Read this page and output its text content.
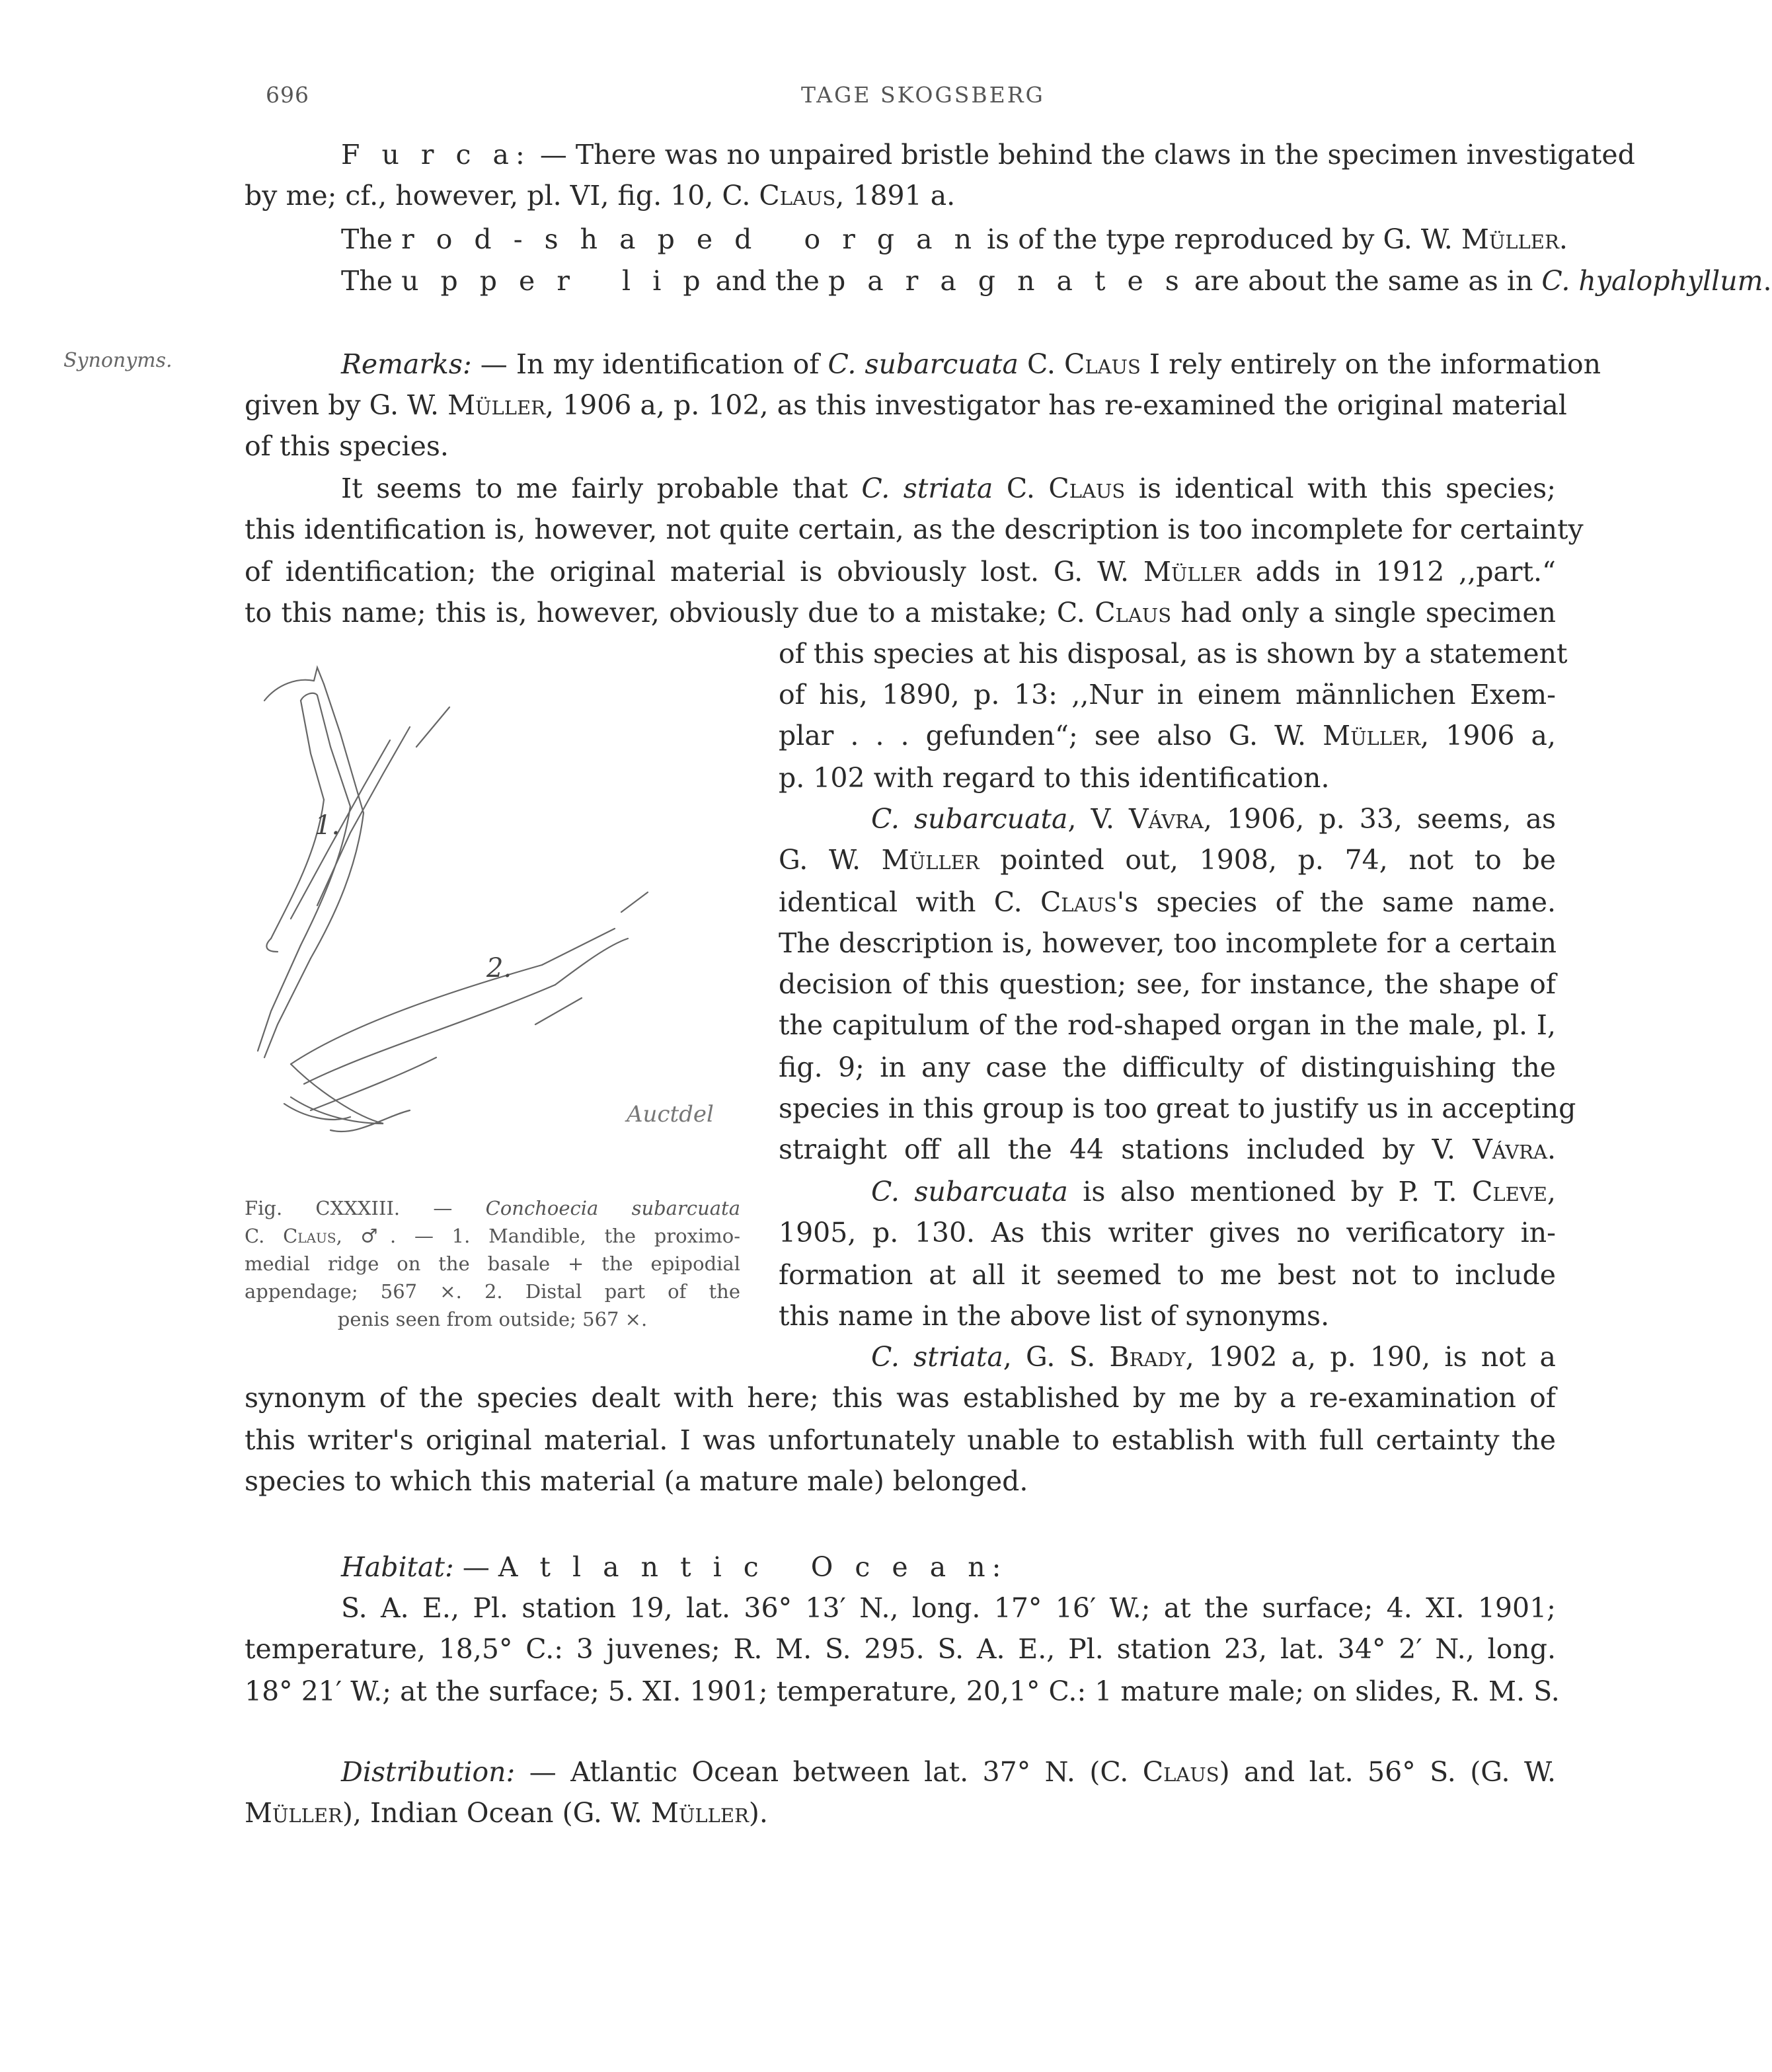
696	TAGE SKOGSBERG
Synonyms.
F u r c a: — There was no unpaired bristle behind the claws in the specimen investigated
by me; cf., however, pl. VI, fig. 10, C. Claus, 1891 a.
The r o d - s h a p e d   o r g a n is of the type reproduced by G. W. Müller.
The u p p e r   l i p and the p a r a g n a t e s are about the same as in C. hyalophyllum.
Remarks: — In my identification of C. subarcuata C. Claus I rely entirely on the information
given by G. W. Müller, 1906 a, p. 102, as this investigator has re-examined the original material
of this species.
It seems to me fairly probable that C. striata C. Claus is identical with this species;
this identification is, however, not quite certain, as the description is too incomplete for certainty
of identification; the original material is obviously lost. G. W. Müller adds in 1912 ,,part.“
to this name; this is, however, obviously due to a mistake; C. Claus had only a single specimen
of this species at his disposal, as is shown by a statement
of his, 1890, p. 13: ,,Nur in einem männlichen Exem-
plar . . . gefunden“; see also G. W. Müller, 1906 a,
p. 102 with regard to this identification.
C. subarcuata, V. Vávra, 1906, p. 33, seems, as
G. W. Müller pointed out, 1908, p. 74, not to be
identical with C. Claus's species of the same name.
The description is, however, too incomplete for a certain
decision of this question; see, for instance, the shape of
the capitulum of the rod-shaped organ in the male, pl. I,
fig. 9; in any case the difficulty of distinguishing the
species in this group is too great to justify us in accepting
straight off all the 44 stations included by V. Vávra.
C. subarcuata is also mentioned by P. T. Cleve,
1905, p. 130. As this writer gives no verificatory in-
formation at all it seemed to me best not to include
this name in the above list of synonyms.
C. striata, G. S. Brady, 1902 a, p. 190, is not a
synonym of the species dealt with here; this was established by me by a re-examination of
this writer's original material. I was unfortunately unable to establish with full certainty the
species to which this material (a mature male) belonged.
1.
2.
Auctdel
Fig. CXXXIII. — Conchoecia subarcuata
C. Claus, ♂. — 1. Mandible, the proximo-
medial ridge on the basale + the epipodial
appendage; 567 ×. 2. Distal part of the
penis seen from outside; 567 ×.
Habitat: — A t l a n t i c   O c e a n:
S. A. E., Pl. station 19, lat. 36° 13′ N., long. 17° 16′ W.; at the surface; 4. XI. 1901;
temperature, 18,5° C.: 3 juvenes; R. M. S. 295. S. A. E., Pl. station 23, lat. 34° 2′ N., long.
18° 21′ W.; at the surface; 5. XI. 1901; temperature, 20,1° C.: 1 mature male; on slides, R. M. S.
Distribution: — Atlantic Ocean between lat. 37° N. (C. Claus) and lat. 56° S. (G. W.
Müller), Indian Ocean (G. W. Müller).
